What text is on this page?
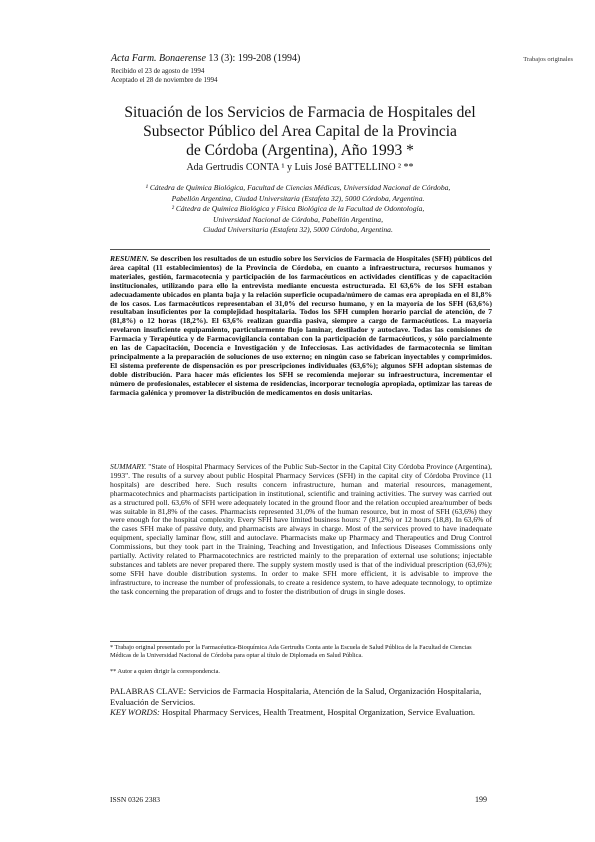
Acta Farm. Bonaerense 13 (3): 199-208 (1994)	Trabajos originales
Recibido el 23 de agosto de 1994
Aceptado el 28 de noviembre de 1994
Situación de los Servicios de Farmacia de Hospitales del
Subsector Público del Area Capital de la Provincia
de Córdoba (Argentina), Año 1993 *
Ada Gertrudis CONTA ¹ y Luis José BATTELLINO ² **
¹ Cátedra de Química Biológica, Facultad de Ciencias Médicas, Universidad Nacional de Córdoba,
Pabellón Argentina, Ciudad Universitaria (Estafeta 32), 5000 Córdoba, Argentina.
² Cátedra de Química Biológica y Física Biológica de la Facultad de Odontología,
Universidad Nacional de Córdoba, Pabellón Argentina,
Ciudad Universitaria (Estafeta 32), 5000 Córdoba, Argentina.
RESUMEN. Se describen los resultados de un estudio sobre los Servicios de Farmacia de Hospitales (SFH) públicos del área capital (11 establecimientos) de la Provincia de Córdoba, en cuanto a infraestructura, recursos humanos y materiales, gestión, farmacotecnia y participación de los farmacéuticos en actividades científicas y de capacitación institucionales, utilizando para ello la entrevista mediante encuesta estructurada. El 63,6% de los SFH estaban adecuadamente ubicados en planta baja y la relación superficie ocupada/número de camas era apropiada en el 81,8% de los casos. Los farmacéuticos representaban el 31,0% del recurso humano, y en la mayoría de los SFH (63,6%) resultaban insuficientes por la complejidad hospitalaria. Todos los SFH cumplen horario parcial de atención, de 7 (81,8%) o 12 horas (18,2%). El 63,6% realizan guardia pasiva, siempre a cargo de farmacéuticos. La mayoría revelaron insuficiente equipamiento, particularmente flujo laminar, destilador y autoclave. Todas las comisiones de Farmacia y Terapéutica y de Farmacovigilancia contaban con la participación de farmacéuticos, y sólo parcialmente en las de Capacitación, Docencia e Investigación y de Infecciosas. Las actividades de farmacotecnia se limitan principalmente a la preparación de soluciones de uso externo; en ningún caso se fabrican inyectables y comprimidos. El sistema preferente de dispensación es por prescripciones individuales (63,6%); algunos SFH adoptan sistemas de doble distribución. Para hacer más eficientes los SFH se recomienda mejorar su infraestructura, incrementar el número de profesionales, establecer el sistema de residencias, incorporar tecnología apropiada, optimizar las tareas de farmacia galénica y promover la distribución de medicamentos en dosis unitarias.
SUMMARY. "State of Hospital Pharmacy Services of the Public Sub-Sector in the Capital City Córdoba Province (Argentina), 1993". The results of a survey about public Hospital Pharmacy Services (SFH) in the capital city of Córdoba Province (11 hospitals) are described here. Such results concern infrastructure, human and material resources, management, pharmacotechnics and pharmacists participation in institutional, scientific and training activities. The survey was carried out as a structured poll. 63,6% of SFH were adequately located in the ground floor and the relation occupied area/number of beds was suitable in 81,8% of the cases. Pharmacists represented 31,0% of the human resource, but in most of SFH (63,6%) they were enough for the hospital complexity. Every SFH have limited business hours: 7 (81,2%) or 12 hours (18,8). In 63,6% of the cases SFH make of passive duty, and pharmacists are always in charge. Most of the services proved to have inadequate equipment, specially laminar flow, still and autoclave. Pharmacists make up Pharmacy and Therapeutics and Drug Control Commissions, but they took part in the Training, Teaching and Investigation, and Infectious Diseases Commissions only partially. Activity related to Pharmacotechnics are restricted mainly to the preparation of external use solutions; injectable substances and tablets are never prepared there. The supply system mostly used is that of the individual prescription (63,6%); some SFH have double distribution systems. In order to make SFH more efficient, it is advisable to improve the infrastructure, to increase the number of professionals, to create a residence system, to have adequate tecnnology, to optimize the task concerning the preparation of drugs and to foster the distribution of drugs in single doses.
* Trabajo original presentado por la Farmacéutica-Bioquímica Ada Gertrudis Conta ante la Escuela de Salud Pública de la Facultad de Ciencias Médicas de la Universidad Nacional de Córdoba para optar al título de Diplomada en Salud Pública.
** Autor a quien dirigir la correspondencia.
PALABRAS CLAVE: Servicios de Farmacia Hospitalaria, Atención de la Salud, Organización Hospitalaria, Evaluación de Servicios.
KEY WORDS: Hospital Pharmacy Services, Health Treatment, Hospital Organization, Service Evaluation.
ISSN 0326 2383	199
